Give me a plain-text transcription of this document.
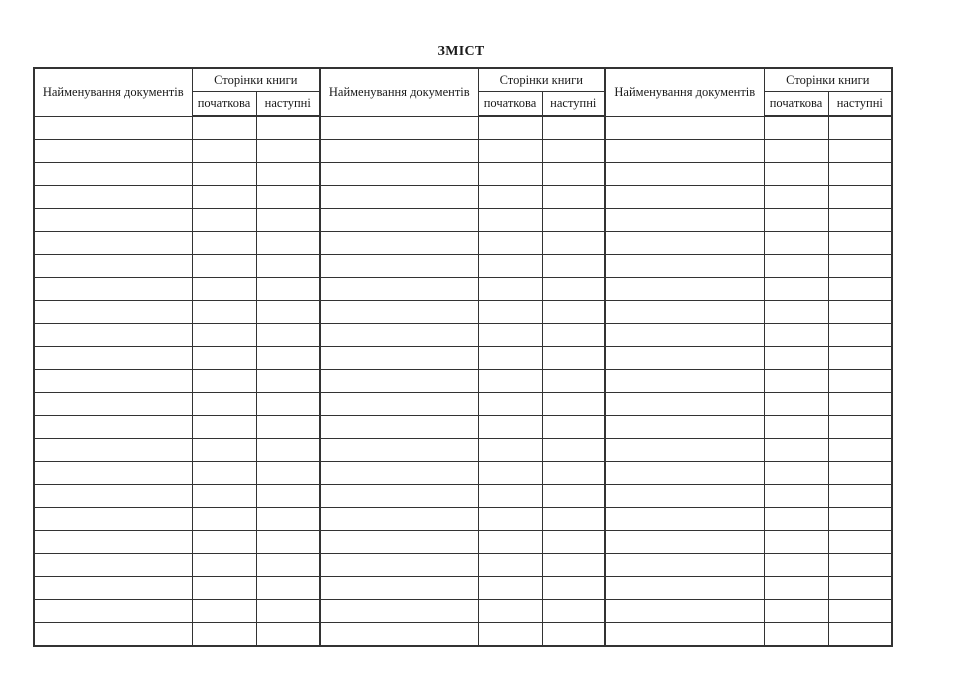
ЗМІСТ
Найменування документів	Сторінки книги		Найменування документів	Сторінки книги		Найменування документів	Сторінки книги	
	початкова	наступні		початкова	наступні		початкова	наступні
